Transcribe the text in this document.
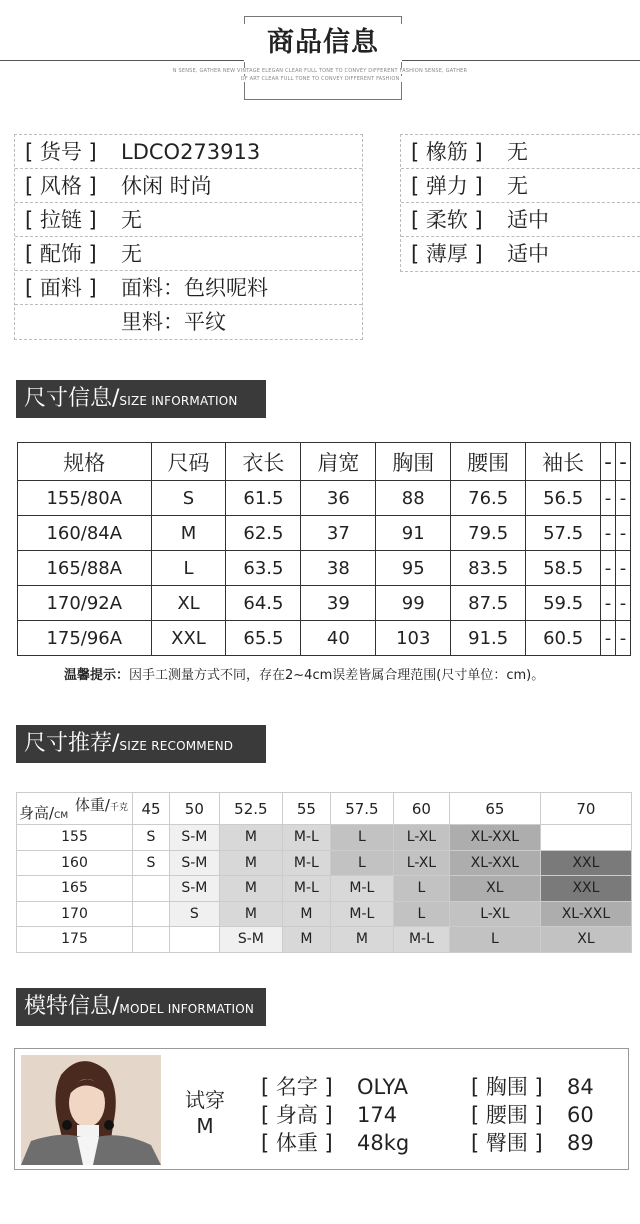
商品信息
N SENSE, GATHER NEW VINTAGE ELEGAN CLEAR FULL TONE TO CONVEY DIFFERENT FASHION SENSE, GATHER
OF ART CLEAR FULL TONE TO CONVEY DIFFERENT FASHION
[ 货号 ] LDCO273913
[ 风格 ] 休闲 时尚
[ 拉链 ] 无
[ 配饰 ] 无
[ 面料 ] 面料：色织呢料
里料：平纹
[ 橡筋 ] 无
[ 弹力 ] 无
[ 柔软 ] 适中
[ 薄厚 ] 适中
尺寸信息/SIZE INFORMATION
规格	尺码	衣长	肩宽	胸围	腰围	袖长	-	-
155/80A	S	61.5	36	88	76.5	56.5	-	-
160/84A	M	62.5	37	91	79.5	57.5	-	-
165/88A	L	63.5	38	95	83.5	58.5	-	-
170/92A	XL	64.5	39	99	87.5	59.5	-	-
175/96A	XXL	65.5	40	103	91.5	60.5	-	-
温馨提示：因手工测量方式不同，存在2~4cm误差皆属合理范围(尺寸单位：cm)。
尺寸推荐/SIZE RECOMMEND
体重/千克
身高/CM	45	50	52.5	55	57.5	60	65	70
155	S	S-M	M	M-L	L	L-XL	XL-XXL	
160	S	S-M	M	M-L	L	L-XL	XL-XXL	XXL
165		S-M	M	M-L	M-L	L	XL	XXL
170		S	M	M	M-L	L	L-XL	XL-XXL
175			S-M	M	M	M-L	L	XL
模特信息/MODEL INFORMATION
试穿
M
[ 名字 ] OLYA
[ 身高 ] 174
[ 体重 ] 48kg
[ 胸围 ] 84
[ 腰围 ] 60
[ 臀围 ] 89
